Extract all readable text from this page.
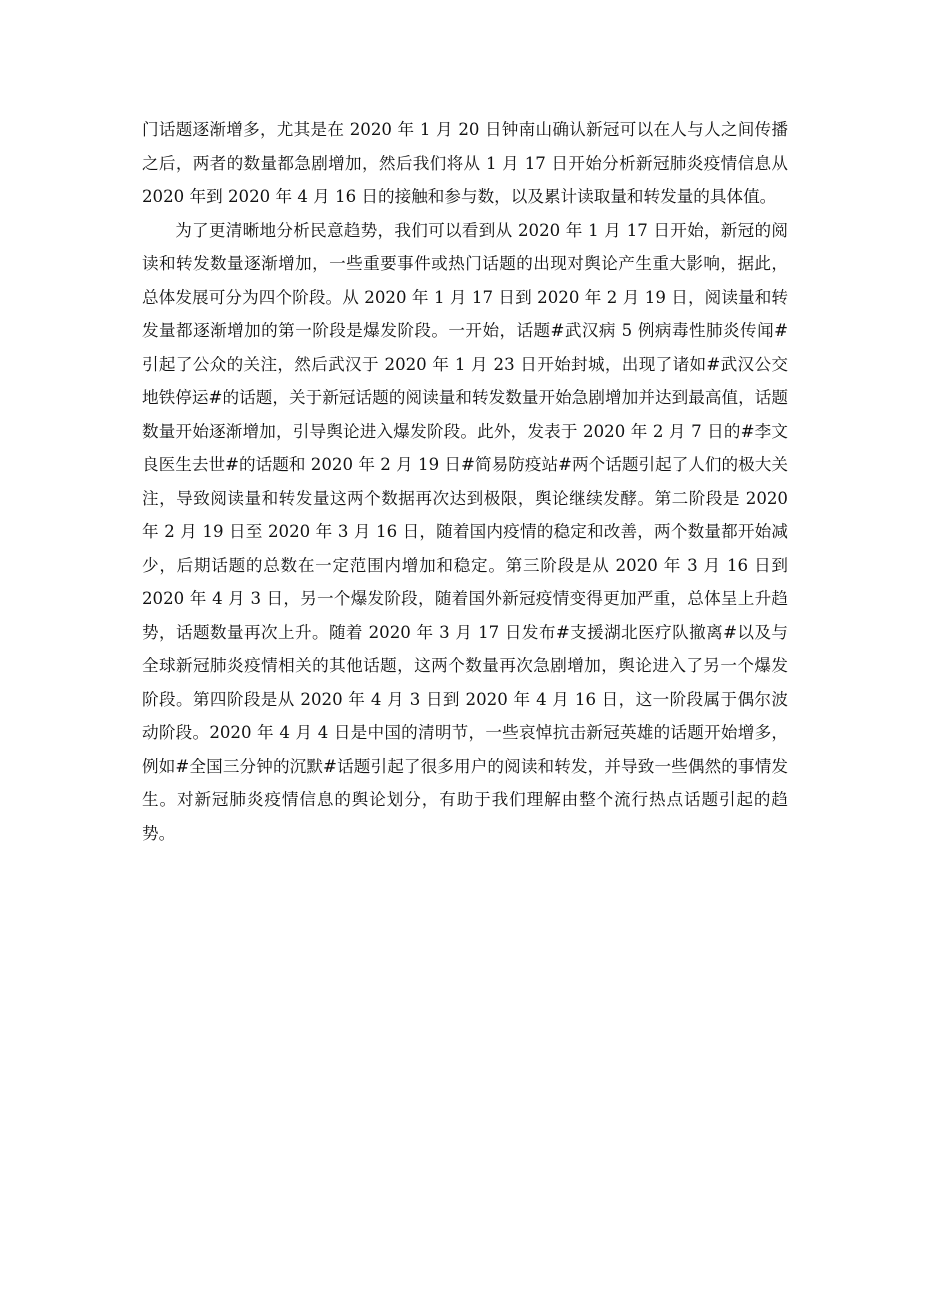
门话题逐渐增多，尤其是在 2020 年 1 月 20 日钟南山确认新冠可以在人与人之间传播之后，两者的数量都急剧增加，然后我们将从 1 月 17 日开始分析新冠肺炎疫情信息从 2020 年到 2020 年 4 月 16 日的接触和参与数，以及累计读取量和转发量的具体值。

为了更清晰地分析民意趋势，我们可以看到从 2020 年 1 月 17 日开始，新冠的阅读和转发数量逐渐增加，一些重要事件或热门话题的出现对舆论产生重大影响，据此，总体发展可分为四个阶段。从 2020 年 1 月 17 日到 2020 年 2 月 19 日，阅读量和转发量都逐渐增加的第一阶段是爆发阶段。一开始，话题#武汉病 5 例病毒性肺炎传闻#引起了公众的关注，然后武汉于 2020 年 1 月 23 日开始封城，出现了诸如#武汉公交地铁停运#的话题，关于新冠话题的阅读量和转发数量开始急剧增加并达到最高值，话题数量开始逐渐增加，引导舆论进入爆发阶段。此外，发表于 2020 年 2 月 7 日的#李文良医生去世#的话题和 2020 年 2 月 19 日#简易防疫站#两个话题引起了人们的极大关注，导致阅读量和转发量这两个数据再次达到极限，舆论继续发酵。第二阶段是 2020 年 2 月 19 日至 2020 年 3 月 16 日，随着国内疫情的稳定和改善，两个数量都开始减少，后期话题的总数在一定范围内增加和稳定。第三阶段是从 2020 年 3 月 16 日到 2020 年 4 月 3 日，另一个爆发阶段，随着国外新冠疫情变得更加严重，总体呈上升趋势，话题数量再次上升。随着 2020 年 3 月 17 日发布#支援湖北医疗队撤离#以及与全球新冠肺炎疫情相关的其他话题，这两个数量再次急剧增加，舆论进入了另一个爆发阶段。第四阶段是从 2020 年 4 月 3 日到 2020 年 4 月 16 日，这一阶段属于偶尔波动阶段。2020 年 4 月 4 日是中国的清明节，一些哀悼抗击新冠英雄的话题开始增多，例如#全国三分钟的沉默#话题引起了很多用户的阅读和转发，并导致一些偶然的事情发生。对新冠肺炎疫情信息的舆论划分，有助于我们理解由整个流行热点话题引起的趋势。
